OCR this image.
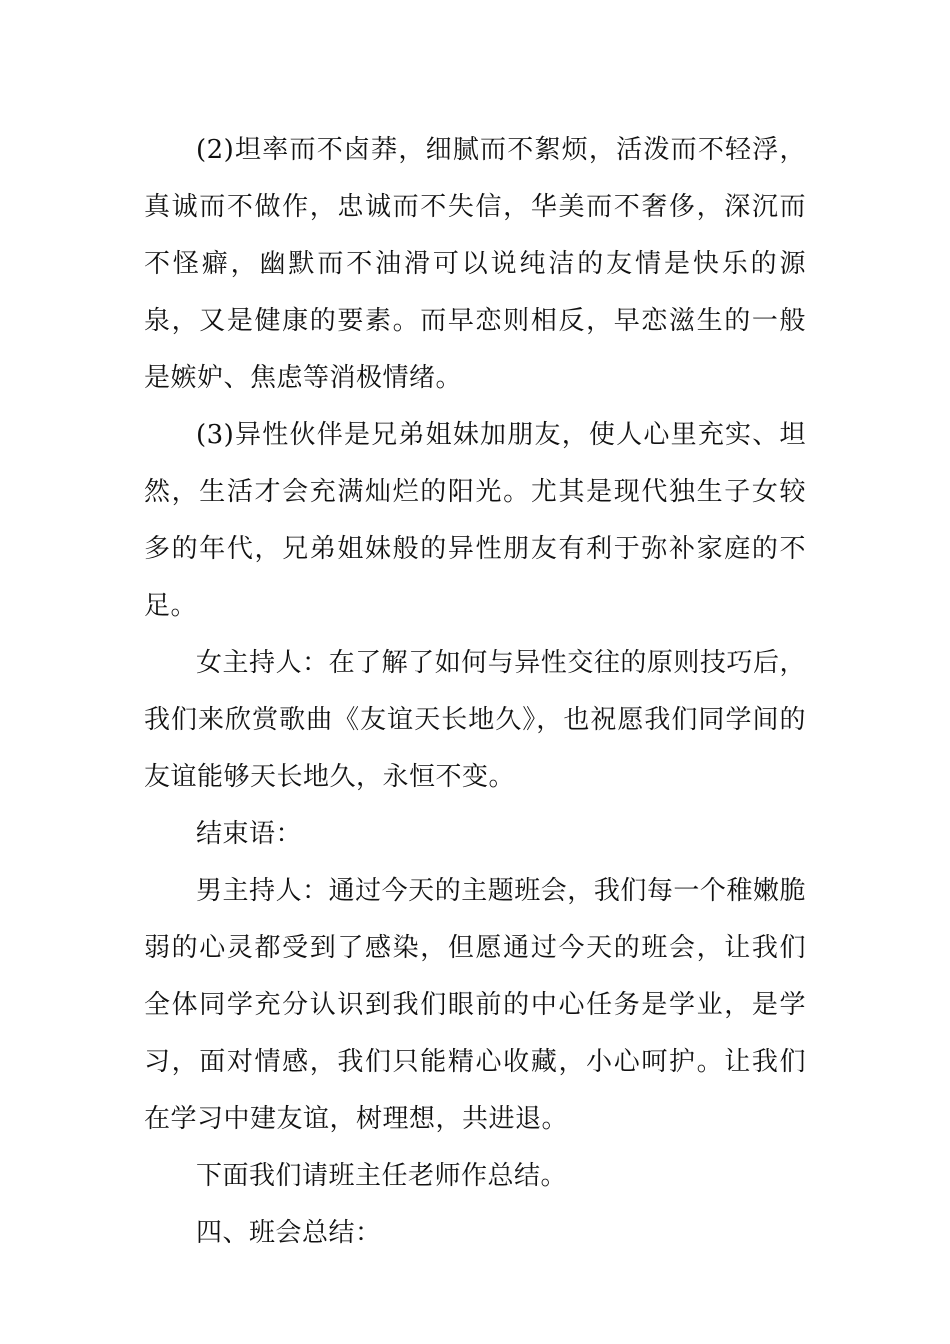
(2)坦率而不卤莽，细腻而不絮烦，活泼而不轻浮，真诚而不做作，忠诚而不失信，华美而不奢侈，深沉而不怪癖，幽默而不油滑可以说纯洁的友情是快乐的源泉，又是健康的要素。而早恋则相反，早恋滋生的一般是嫉妒、焦虑等消极情绪。

(3)异性伙伴是兄弟姐妹加朋友，使人心里充实、坦然，生活才会充满灿烂的阳光。尤其是现代独生子女较多的年代，兄弟姐妹般的异性朋友有利于弥补家庭的不足。

女主持人：在了解了如何与异性交往的原则技巧后，我们来欣赏歌曲《友谊天长地久》，也祝愿我们同学间的友谊能够天长地久，永恒不变。

结束语：

男主持人：通过今天的主题班会，我们每一个稚嫩脆弱的心灵都受到了感染，但愿通过今天的班会，让我们全体同学充分认识到我们眼前的中心任务是学业，是学习，面对情感，我们只能精心收藏，小心呵护。让我们在学习中建友谊，树理想，共进退。

下面我们请班主任老师作总结。

四、班会总结：
